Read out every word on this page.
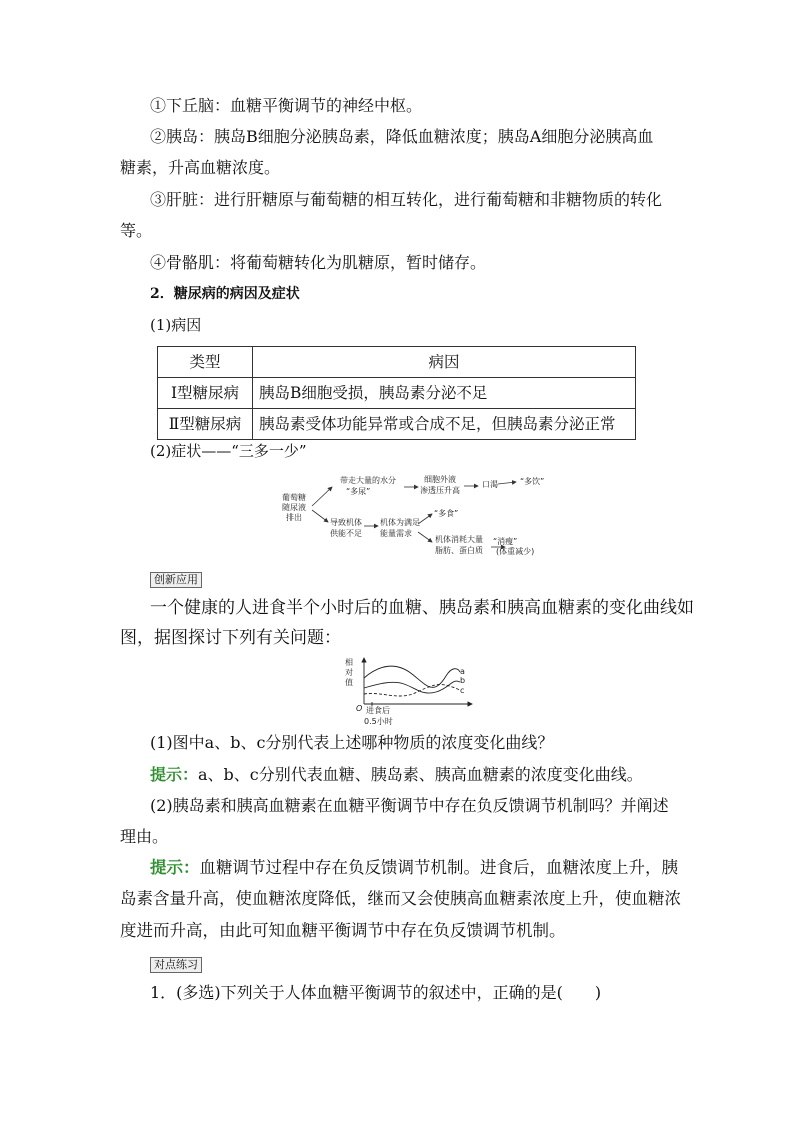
①下丘脑：血糖平衡调节的神经中枢。
②胰岛：胰岛B细胞分泌胰岛素，降低血糖浓度；胰岛A细胞分泌胰高血
糖素，升高血糖浓度。
③肝脏：进行肝糖原与葡萄糖的相互转化，进行葡萄糖和非糖物质的转化
等。
④骨骼肌：将葡萄糖转化为肌糖原，暂时储存。
2．糖尿病的病因及症状
(1)病因
类型	病因
Ⅰ型糖尿病	胰岛B细胞受损，胰岛素分泌不足
Ⅱ型糖尿病	胰岛素受体功能异常或合成不足，但胰岛素分泌正常
(2)症状——“三多一少”
葡萄糖
随尿液
排出
带走大量的水分
“多尿”
细胞外液
渗透压升高
口渴	“多饮”
导致机体
供能不足
机体为满足
能量需求
“多食”
机体消耗大量
脂肪、蛋白质
“消瘦”
(体重减少)
创新应用
一个健康的人进食半个小时后的血糖、胰岛素和胰高血糖素的变化曲线如
图，据图探讨下列有关问题：
相
对
值
O 进食后
0.5小时
a
b
c
(1)图中a、b、c分别代表上述哪种物质的浓度变化曲线？
提示：a、b、c分别代表血糖、胰岛素、胰高血糖素的浓度变化曲线。
(2)胰岛素和胰高血糖素在血糖平衡调节中存在负反馈调节机制吗？并阐述
理由。
提示：血糖调节过程中存在负反馈调节机制。进食后，血糖浓度上升，胰
岛素含量升高，使血糖浓度降低，继而又会使胰高血糖素浓度上升，使血糖浓
度进而升高，由此可知血糖平衡调节中存在负反馈调节机制。
对点练习
1．(多选)下列关于人体血糖平衡调节的叙述中，正确的是(　　)
